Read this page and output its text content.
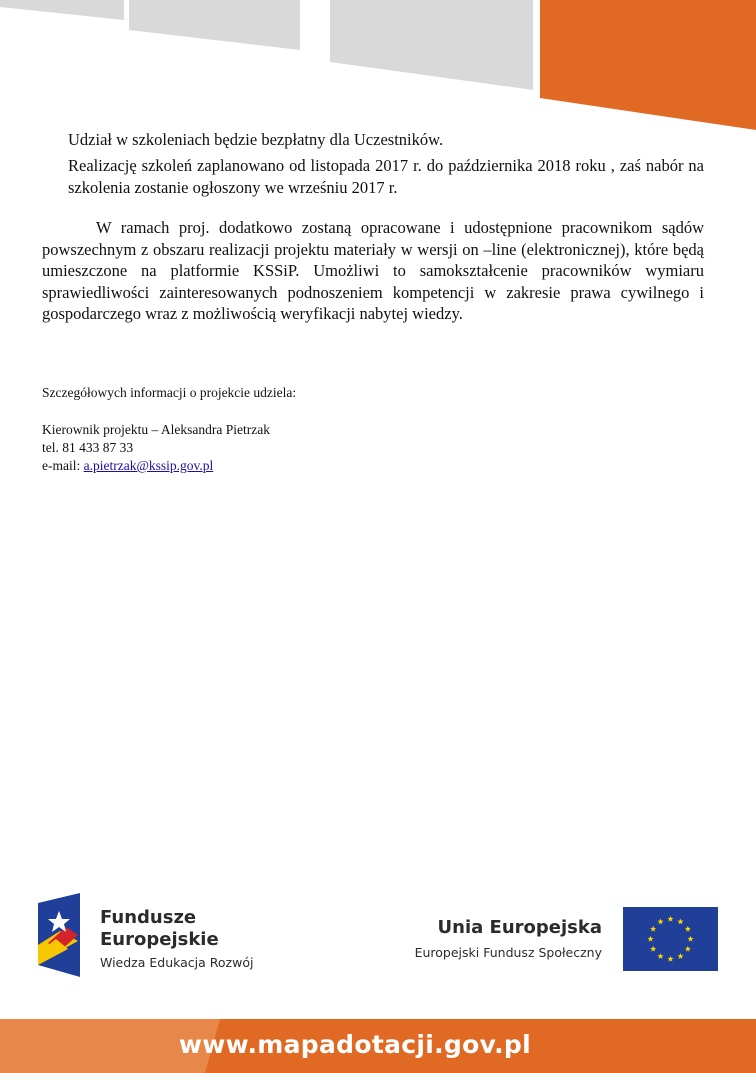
Udział w szkoleniach będzie bezpłatny dla Uczestników.

Realizację szkoleń zaplanowano od listopada 2017 r. do października 2018 roku , zaś nabór na szkolenia zostanie ogłoszony we wrześniu 2017 r.

W ramach proj. dodatkowo zostaną opracowane i udostępnione pracownikom sądów powszechnym z obszaru realizacji projektu materiały w wersji on –line (elektronicznej), które będą umieszczone na platformie KSSiP. Umożliwi to samokształcenie pracowników wymiaru sprawiedliwości zainteresowanych podnoszeniem kompetencji w zakresie prawa cywilnego i gospodarczego wraz z możliwością weryfikacji nabytej wiedzy.

Szczegółowych informacji o projekcie udziela:

Kierownik projektu – Aleksandra Pietrzak

tel. 81 433 87 33

e-mail: a.pietrzak@kssip.gov.pl

Fundusze
Europejskie
Wiedza Edukacja Rozwój
Unia Europejska
Europejski Fundusz Społeczny
www.mapadotacji.gov.pl
